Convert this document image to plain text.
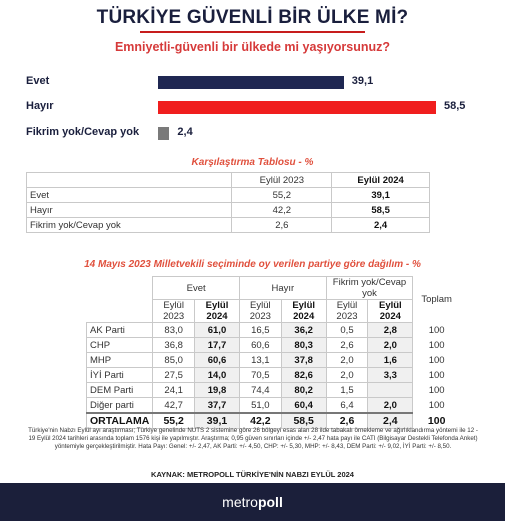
TÜRKİYE GÜVENLİ BİR ÜLKE Mİ?
Emniyetli-güvenli bir ülkede mi yaşıyorsunuz?
Evet	39,1
Hayır	58,5
Fikrim yok/Cevap yok	2,4
Karşılaştırma Tablosu - %
	Eylül 2023	Eylül 2024
Evet	55,2	39,1
Hayır	42,2	58,5
Fikrim yok/Cevap yok	2,6	2,4
14 Mayıs 2023 Milletvekili seçiminde oy verilen partiye göre dağılım - %
	Evet		Hayır		Fikrim yok/Cevap yok		Toplam
	Eylül 2023	Eylül 2024	Eylül 2023	Eylül 2024	Eylül 2023	Eylül 2024	
AK Parti	83,0	61,0	16,5	36,2	0,5	2,8	100
CHP	36,8	17,7	60,6	80,3	2,6	2,0	100
MHP	85,0	60,6	13,1	37,8	2,0	1,6	100
İYİ Parti	27,5	14,0	70,5	82,6	2,0	3,3	100
DEM Parti	24,1	19,8	74,4	80,2	1,5		100
Diğer parti	42,7	37,7	51,0	60,4	6,4	2,0	100
ORTALAMA	55,2	39,1	42,2	58,5	2,6	2,4	100
Türkiye'nin Nabzı Eylül ayı araştırması; Türkiye genelinde NUTS 2 sistemine göre 26 bölgeyi esas alan 28 ilde tabakalı örnekleme ve ağırlıklandırma yöntemi ile 12 - 19 Eylül 2024 tarihleri arasında toplam 1576 kişi ile yapılmıştır. Araştırma; 0,95 güven sınırları içinde +/- 2,47 hata payı ile CATI (Bilgisayar Destekli Telefonda Anket) yöntemiyle gerçekleştirilmiştir. Hata Payı: Genel: +/- 2,47, AK Parti: +/- 4,50, CHP: +/- 5,30, MHP: +/- 8,43, DEM Parti: +/- 9,02, İYİ Parti: +/- 8,50.
KAYNAK: METROPOLL TÜRKİYE'NİN NABZI EYLÜL 2024
metropoll
